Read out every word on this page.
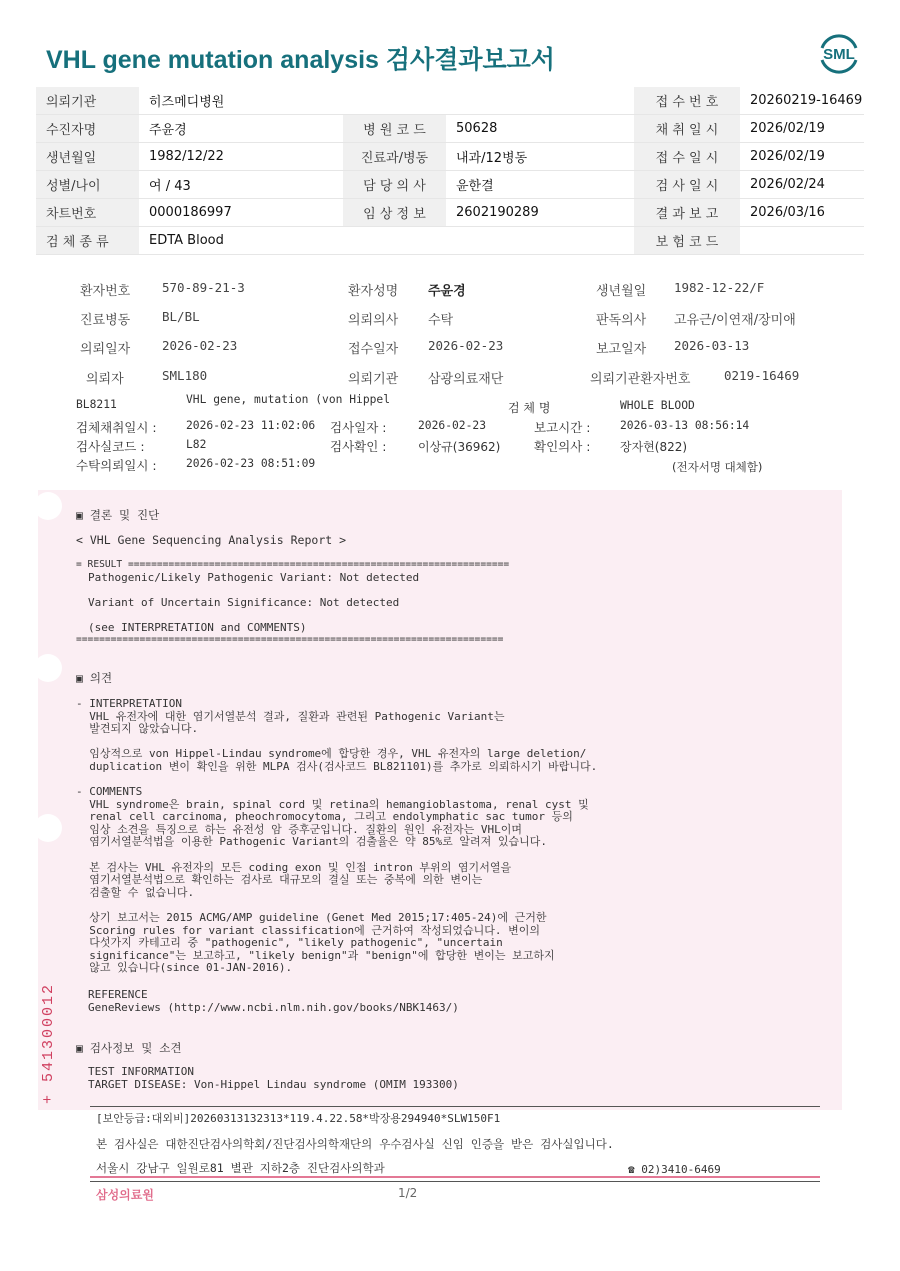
VHL gene mutation analysis 검사결과보고서	SML
의뢰기관	히즈메디병원			접 수 번 호	20260219-16469
수진자명	주윤경	병 원 코 드	50628	채 취 일 시	2026/02/19
생년월일	1982/12/22	진료과/병동	내과/12병동	접 수 일 시	2026/02/19
성별/나이	여 / 43	담 당 의 사	윤한결	검 사 일 시	2026/02/24
차트번호	0000186997	임 상 정 보	2602190289	결 과 보 고	2026/03/16
검 체 종 류	EDTA Blood			보 험 코 드	
환자번호	570-89-21-3	환자성명 주윤경	생년월일 1982-12-22/F
진료병동	BL/BL	의뢰의사 수탁	판독의사 고유근/이연재/장미애
의뢰일자	2026-02-23	접수일자 2026-02-23	보고일자 2026-03-13
의뢰자	SML180	의뢰기관 삼광의료재단	의뢰기관환자번호	0219-16469
BL8211	VHL gene, mutation (von Hippel
검 체 명	WHOLE BLOOD
검체채취일시 :	2026-02-23 11:02:06 검사일자 :	2026-02-23	보고시간 :	2026-03-13 08:56:14
검사실코드 :	L82	검사확인 :	이상규(36962)	확인의사 : 장자현(822)
수탁의뢰일시 :	2026-02-23 08:51:09	(전자서명 대체함)
▣ 결론 및 진단
< VHL Gene Sequencing Analysis Report >
= RESULT ==================================================================
Pathogenic/Likely Pathogenic Variant: Not detected
Variant of Uncertain Significance: Not detected
(see INTERPRETATION and COMMENTS)
==========================================================================
▣ 의견
- INTERPRETATION
VHL 유전자에 대한 염기서열분석 결과, 질환과 관련된 Pathogenic Variant는
발견되지 않았습니다.

임상적으로 von Hippel-Lindau syndrome에 합당한 경우, VHL 유전자의 large deletion/
duplication 변이 확인을 위한 MLPA 검사(검사코드 BL821101)를 추가로 의뢰하시기 바랍니다.
- COMMENTS
VHL syndrome은 brain, spinal cord 및 retina의 hemangioblastoma, renal cyst 및
renal cell carcinoma, pheochromocytoma, 그리고 endolymphatic sac tumor 등의
임상 소견을 특징으로 하는 유전성 암 증후군입니다. 질환의 원인 유전자는 VHL이며
염기서열분석법을 이용한 Pathogenic Variant의 검출율은 약 85%로 알려져 있습니다.

본 검사는 VHL 유전자의 모든 coding exon 및 인접 intron 부위의 염기서열을
염기서열분석법으로 확인하는 검사로 대규모의 결실 또는 중복에 의한 변이는
검출할 수 없습니다.

상기 보고서는 2015 ACMG/AMP guideline (Genet Med 2015;17:405-24)에 근거한
Scoring rules for variant classification에 근거하여 작성되었습니다. 변이의
다섯가지 카테고리 중 "pathogenic", "likely pathogenic", "uncertain
significance"는 보고하고, "likely benign"과 "benign"에 합당한 변이는 보고하지
않고 있습니다(since 01-JAN-2016).
REFERENCE
GeneReviews (http://www.ncbi.nlm.nih.gov/books/NBK1463/)
▣ 검사정보 및 소견
TEST INFORMATION
TARGET DISEASE: Von-Hippel Lindau syndrome (OMIM 193300)
+ 541300012
[보안등급:대외비]20260313132313*119.4.22.58*박장용294940*SLW150F1
본 검사실은 대한진단검사의학회/진단검사의학재단의 우수검사실 신임 인증을 받은 검사실입니다.
서울시 강남구 일원로81 별관 지하2층 진단검사의학과	☎ 02)3410-6469
삼성의료원	1/2
